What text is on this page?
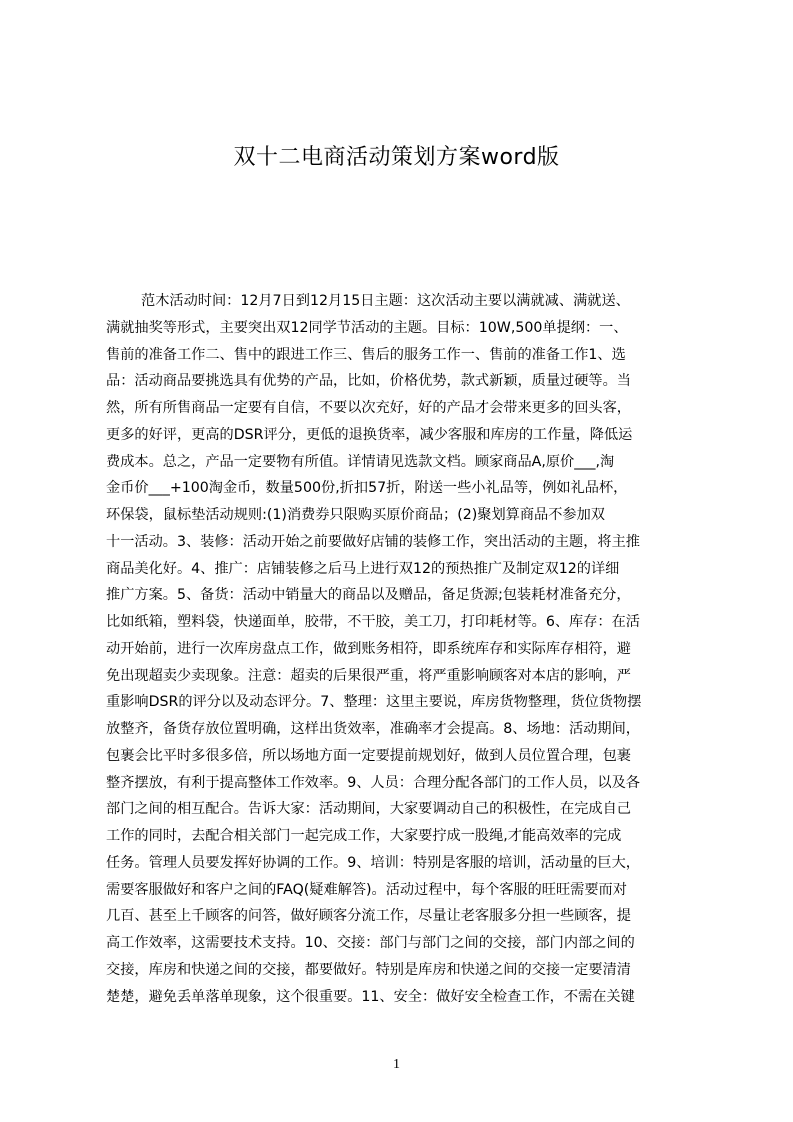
双十二电商活动策划方案word版
范木活动时间：12月7日到12月15日主题：这次活动主要以满就减、满就送、
满就抽奖等形式，主要突出双12同学节活动的主题。目标：10W,500单提纲：一、
售前的准备工作二、售中的跟进工作三、售后的服务工作一、售前的准备工作1、选
品：活动商品要挑选具有优势的产品，比如，价格优势，款式新颖，质量过硬等。当
然，所有所售商品一定要有自信，不要以次充好，好的产品才会带来更多的回头客，
更多的好评，更高的DSR评分，更低的退换货率，减少客服和库房的工作量，降低运
费成本。总之，产品一定要物有所值。详情请见选款文档。顾家商品A,原价___,淘
金币价___+100淘金币，数量500份,折扣57折，附送一些小礼品等，例如礼品杯，
环保袋，鼠标垫活动规则:(1)消费券只限购买原价商品；(2)聚划算商品不参加双
十一活动。3、装修：活动开始之前要做好店铺的装修工作，突出活动的主题，将主推
商品美化好。4、推广：店铺装修之后马上进行双12的预热推广及制定双12的详细
推广方案。5、备货：活动中销量大的商品以及赠品，备足货源;包装耗材准备充分，
比如纸箱，塑料袋，快递面单，胶带，不干胶，美工刀，打印耗材等。6、库存：在活
动开始前，进行一次库房盘点工作，做到账务相符，即系统库存和实际库存相符，避
免出现超卖少卖现象。注意：超卖的后果很严重，将严重影响顾客对本店的影响，严
重影响DSR的评分以及动态评分。7、整理：这里主要说，库房货物整理，货位货物摆
放整齐，备货存放位置明确，这样出货效率，准确率才会提高。8、场地：活动期间，
包裹会比平时多很多倍，所以场地方面一定要提前规划好，做到人员位置合理，包裹
整齐摆放，有利于提高整体工作效率。9、人员：合理分配各部门的工作人员，以及各
部门之间的相互配合。告诉大家：活动期间，大家要调动自己的积极性，在完成自己
工作的同时，去配合相关部门一起完成工作，大家要拧成一股绳,才能高效率的完成
任务。管理人员要发挥好协调的工作。9、培训：特别是客服的培训，活动量的巨大，
需要客服做好和客户之间的FAQ(疑难解答)。活动过程中，每个客服的旺旺需要而对
几百、甚至上千顾客的问答，做好顾客分流工作，尽量让老客服多分担一些顾客，提
高工作效率，这需要技术支持。10、交接：部门与部门之间的交接，部门内部之间的
交接，库房和快递之间的交接，都要做好。特别是库房和快递之间的交接一定要清清
楚楚，避免丢单落单现象，这个很重要。11、安全：做好安全检查工作，不需在关键
1
